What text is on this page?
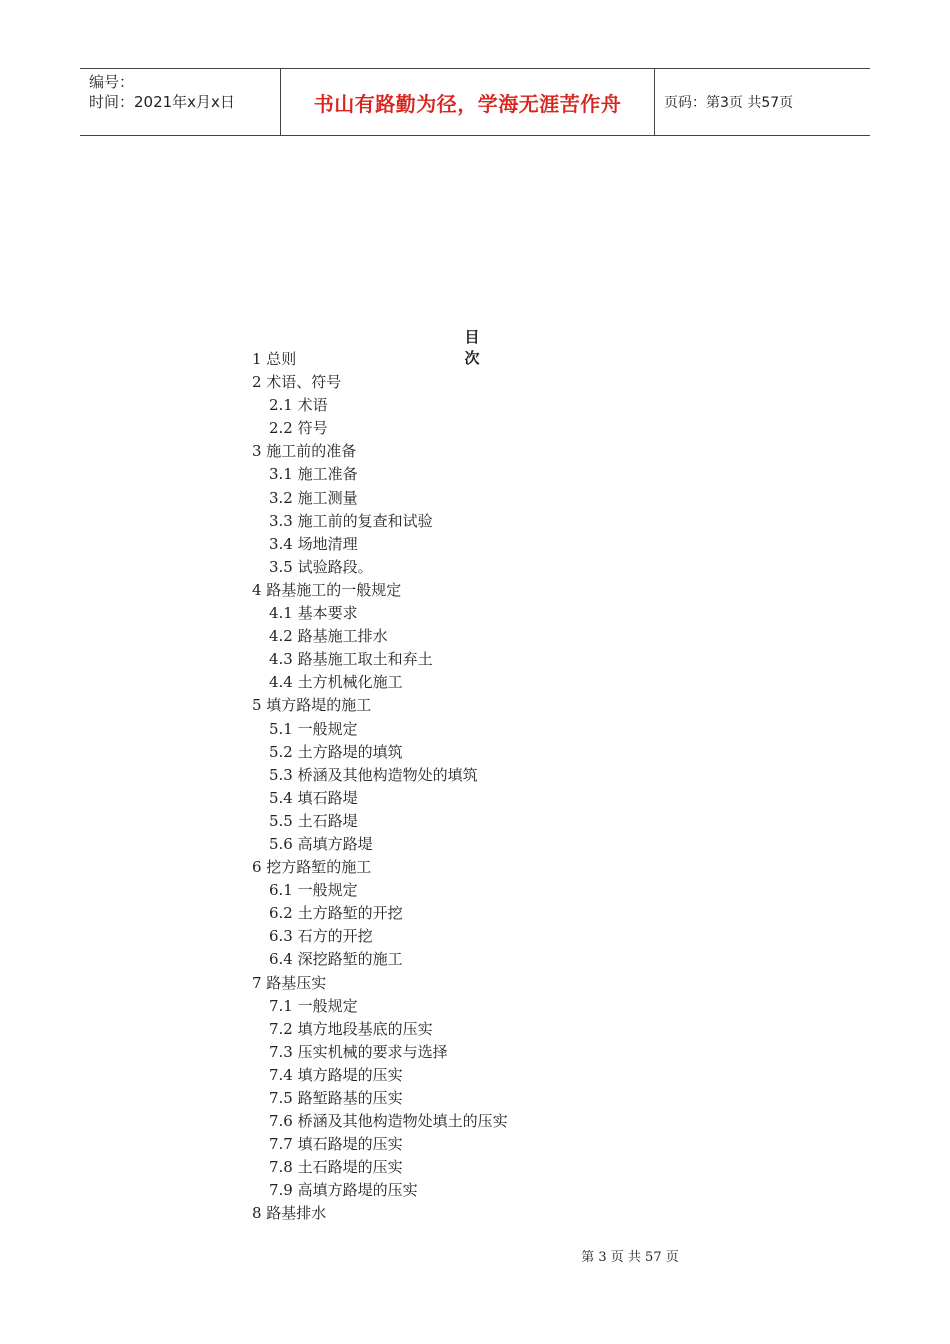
编号：
时间：2021年x月x日	书山有路勤为径，学海无涯苦作舟	页码：第3页 共57页
目 次
1 总则
2 术语、符号
2.1 术语
2.2 符号
3 施工前的准备
3.1 施工准备
3.2 施工测量
3.3 施工前的复查和试验
3.4 场地清理
3.5 试验路段。
4 路基施工的一般规定
4.1 基本要求
4.2 路基施工排水
4.3 路基施工取土和弃土
4.4 土方机械化施工
5 填方路堤的施工
5.1 一般规定
5.2 土方路堤的填筑
5.3 桥涵及其他构造物处的填筑
5.4 填石路堤
5.5 土石路堤
5.6 高填方路堤
6 挖方路堑的施工
6.1 一般规定
6.2 土方路堑的开挖
6.3 石方的开挖
6.4 深挖路堑的施工
7 路基压实
7.1 一般规定
7.2 填方地段基底的压实
7.3 压实机械的要求与选择
7.4 填方路堤的压实
7.5 路堑路基的压实
7.6 桥涵及其他构造物处填土的压实
7.7 填石路堤的压实
7.8 土石路堤的压实
7.9 高填方路堤的压实
8 路基排水
第 3 页 共 57 页
